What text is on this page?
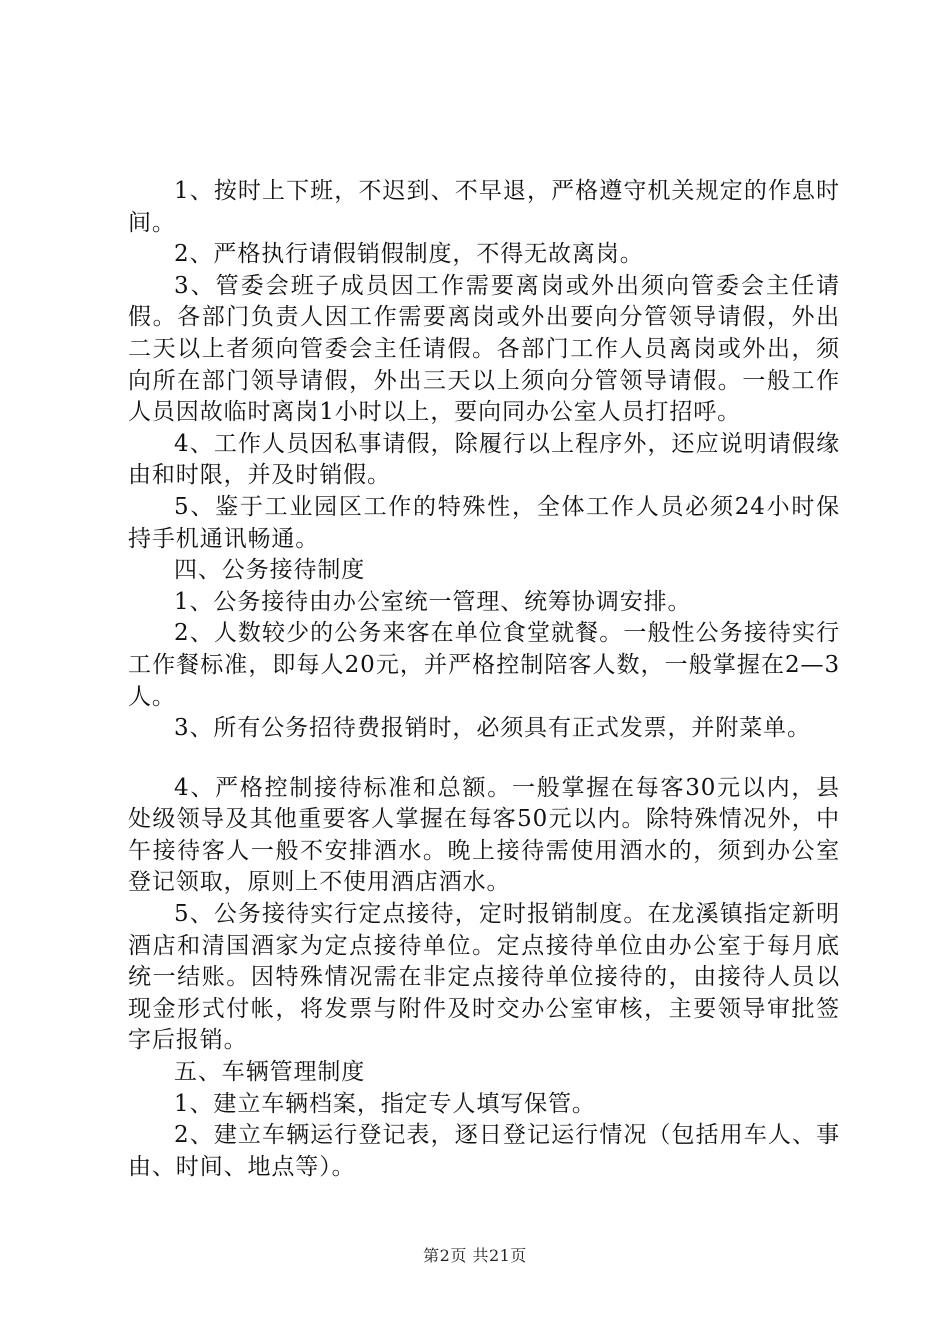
1、按时上下班，不迟到、不早退，严格遵守机关规定的作息时间。

2、严格执行请假销假制度，不得无故离岗。

3、管委会班子成员因工作需要离岗或外出须向管委会主任请假。各部门负责人因工作需要离岗或外出要向分管领导请假，外出二天以上者须向管委会主任请假。各部门工作人员离岗或外出，须向所在部门领导请假，外出三天以上须向分管领导请假。一般工作人员因故临时离岗1小时以上，要向同办公室人员打招呼。

4、工作人员因私事请假，除履行以上程序外，还应说明请假缘由和时限，并及时销假。

5、鉴于工业园区工作的特殊性，全体工作人员必须24小时保持手机通讯畅通。

四、公务接待制度

1、公务接待由办公室统一管理、统筹协调安排。

2、人数较少的公务来客在单位食堂就餐。一般性公务接待实行工作餐标准，即每人20元，并严格控制陪客人数，一般掌握在2—3人。

3、所有公务招待费报销时，必须具有正式发票，并附菜单。

4、严格控制接待标准和总额。一般掌握在每客30元以内，县处级领导及其他重要客人掌握在每客50元以内。除特殊情况外，中午接待客人一般不安排酒水。晚上接待需使用酒水的，须到办公室登记领取，原则上不使用酒店酒水。

5、公务接待实行定点接待，定时报销制度。在龙溪镇指定新明酒店和清国酒家为定点接待单位。定点接待单位由办公室于每月底统一结账。因特殊情况需在非定点接待单位接待的，由接待人员以现金形式付帐，将发票与附件及时交办公室审核，主要领导审批签字后报销。

五、车辆管理制度

1、建立车辆档案，指定专人填写保管。

2、建立车辆运行登记表，逐日登记运行情况（包括用车人、事由、时间、地点等）。

第2页 共21页
